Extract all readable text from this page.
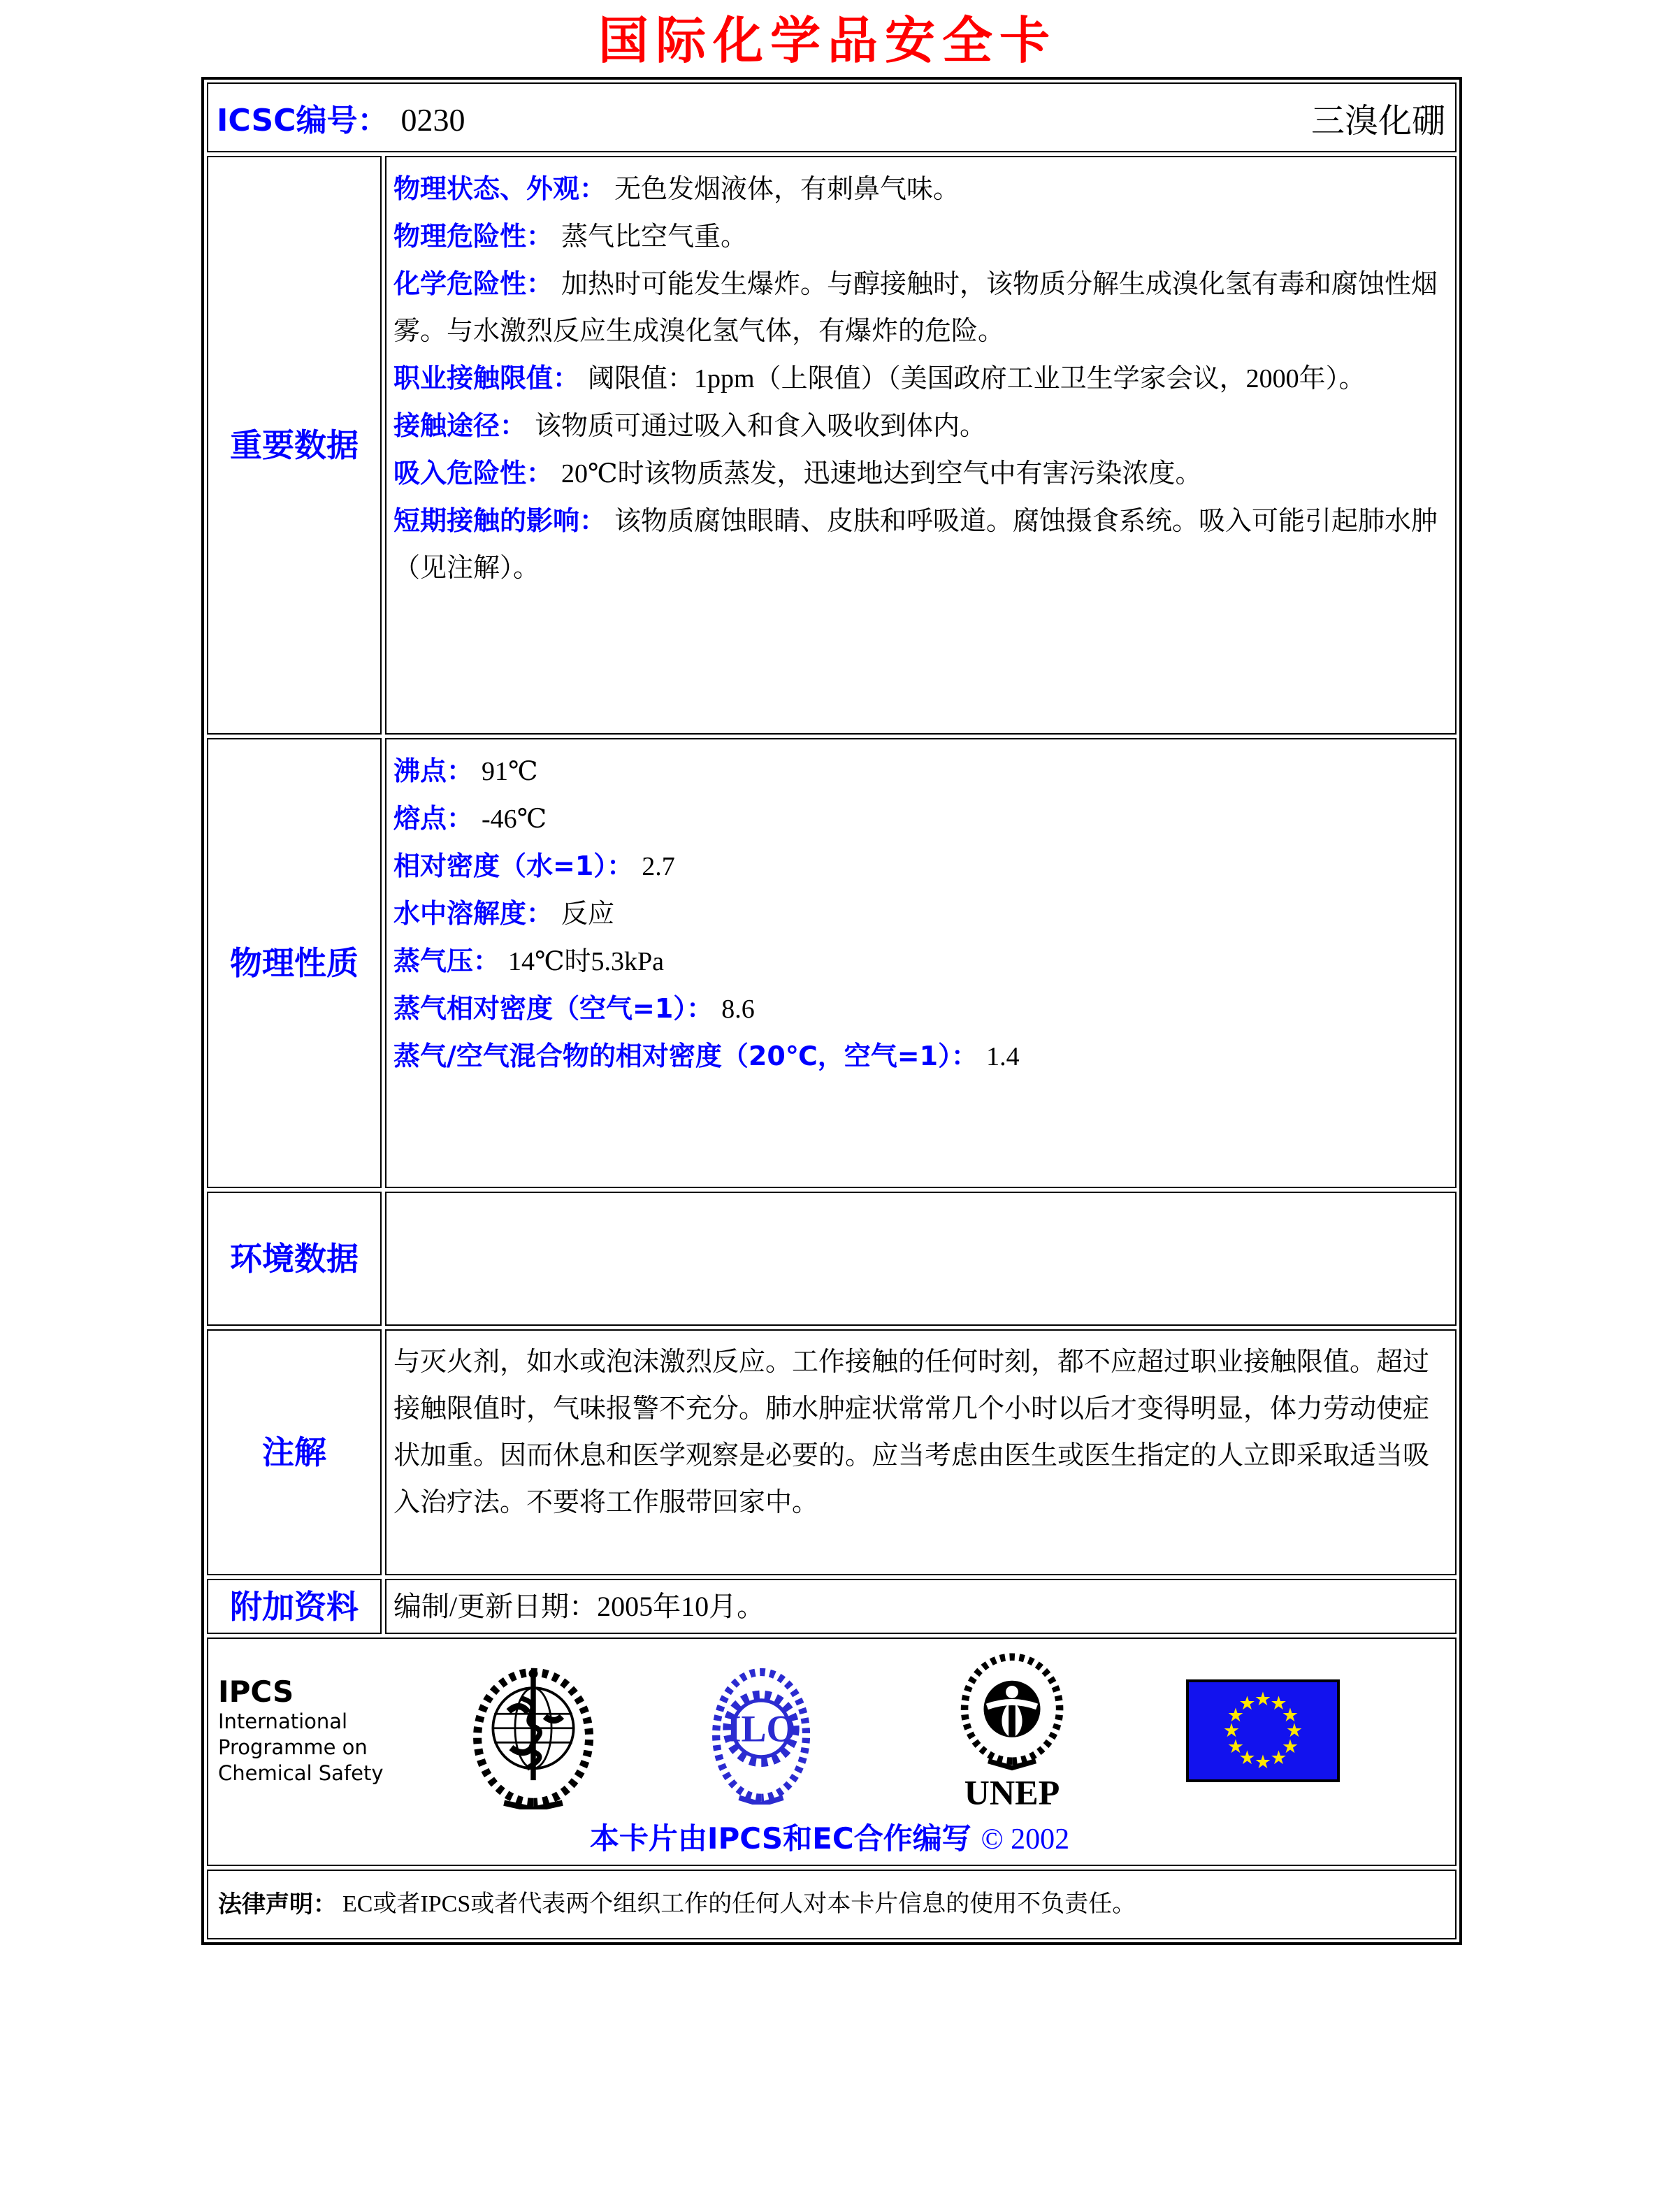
国际化学品安全卡
ICSC编号： 0230	三溴化硼
重要数据

物理状态、外观： 无色发烟液体，有刺鼻气味。

物理危险性： 蒸气比空气重。

化学危险性： 加热时可能发生爆炸。与醇接触时，该物质分解生成溴化氢有毒和腐蚀性烟雾。与水激烈反应生成溴化氢气体，有爆炸的危险。

职业接触限值： 阈限值：1ppm（上限值）（美国政府工业卫生学家会议，2000年）。

接触途径： 该物质可通过吸入和食入吸收到体内。

吸入危险性： 20℃时该物质蒸发，迅速地达到空气中有害污染浓度。

短期接触的影响： 该物质腐蚀眼睛、皮肤和呼吸道。腐蚀摄食系统。吸入可能引起肺水肿（见注解）。

物理性质

沸点： 91℃

熔点： -46℃

相对密度（水=1）： 2.7

水中溶解度： 反应

蒸气压： 14℃时5.3kPa

蒸气相对密度（空气=1）： 8.6

蒸气/空气混合物的相对密度（20℃，空气=1）： 1.4

环境数据
注解

与灭火剂，如水或泡沫激烈反应。工作接触的任何时刻，都不应超过职业接触限值。超过接触限值时，气味报警不充分。肺水肿症状常常几个小时以后才变得明显，体力劳动使症状加重。因而休息和医学观察是必要的。应当考虑由医生或医生指定的人立即采取适当吸入治疗法。不要将工作服带回家中。

附加资料	编制/更新日期：2005年10月。
IPCS
International
Programme on
Chemical Safety
ILO
UNEP
★
★
★
★
★
★
★
★
★
★
★
★
本卡片由IPCS和EC合作编写 © 2002
法律声明： EC或者IPCS或者代表两个组织工作的任何人对本卡片信息的使用不负责任。
